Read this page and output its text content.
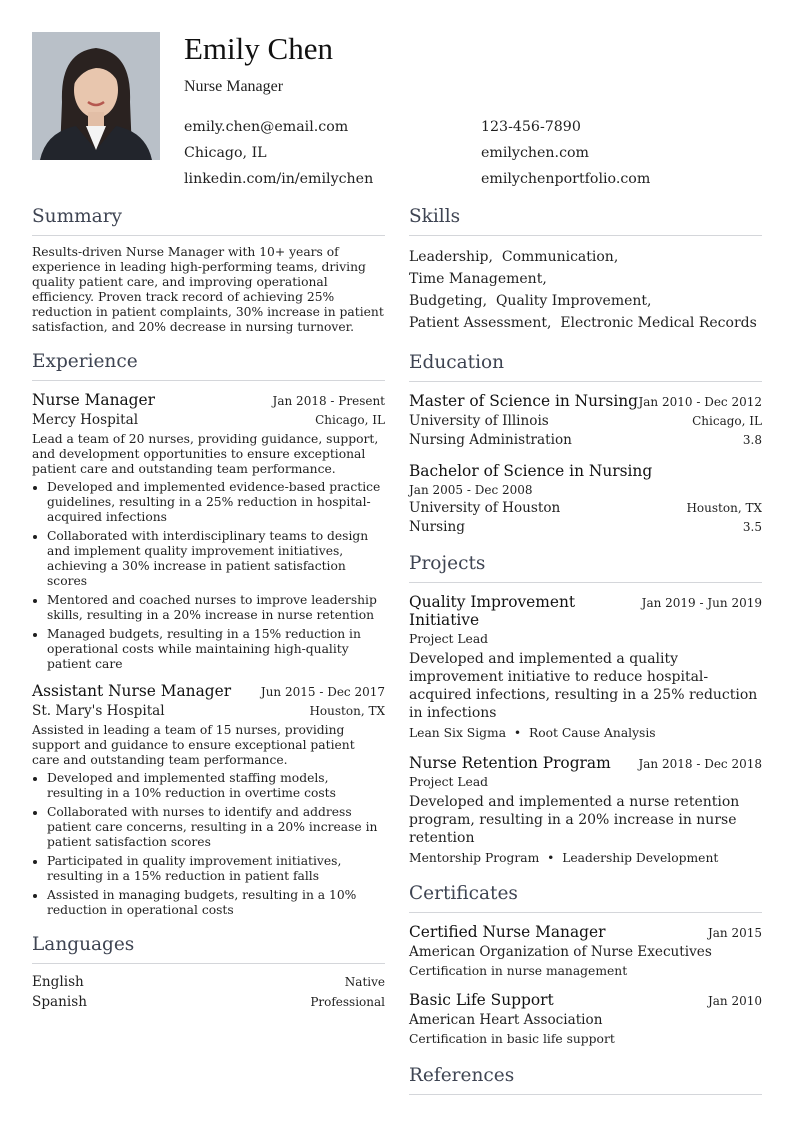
Emily Chen
Nurse Manager
emily.chen@email.com
Chicago, IL
linkedin.com/in/emilychen
123-456-7890
emilychen.com
emilychenportfolio.com
Summary
Results-driven Nurse Manager with 10+ years of experience in leading high-performing teams, driving quality patient care, and improving operational efficiency. Proven track record of achieving 25% reduction in patient complaints, 30% increase in patient satisfaction, and 20% decrease in nursing turnover.
Experience
Nurse Manager	Jan 2018 - Present
Mercy Hospital	Chicago, IL
Lead a team of 20 nurses, providing guidance, support, and development opportunities to ensure exceptional patient care and outstanding team performance.
• Developed and implemented evidence-based practice guidelines, resulting in a 25% reduction in hospital-acquired infections
• Collaborated with interdisciplinary teams to design and implement quality improvement initiatives, achieving a 30% increase in patient satisfaction scores
• Mentored and coached nurses to improve leadership skills, resulting in a 20% increase in nurse retention
• Managed budgets, resulting in a 15% reduction in operational costs while maintaining high-quality patient care
Assistant Nurse Manager Jun 2015 - Dec 2017
St. Mary's Hospital	Houston, TX
Assisted in leading a team of 15 nurses, providing support and guidance to ensure exceptional patient care and outstanding team performance.
• Developed and implemented staffing models, resulting in a 10% reduction in overtime costs
• Collaborated with nurses to identify and address patient care concerns, resulting in a 20% increase in patient satisfaction scores
• Participated in quality improvement initiatives, resulting in a 15% reduction in patient falls
• Assisted in managing budgets, resulting in a 10% reduction in operational costs
Languages
English	Native
Spanish	Professional
Skills
Leadership, Communication,  Time Management,
Budgeting, Quality Improvement,
Patient Assessment, Electronic Medical Records
Education
Master of Science in Nursing Jan 2010 - Dec 2012
University of Illinois	Chicago, IL
Nursing Administration	3.8
Bachelor of Science in Nursing
Jan 2005 - Dec 2008
University of Houston	Houston, TX
Nursing	3.5
Projects
Quality Improvement Initiative
Jan 2019 - Jun 2019
Project Lead
Developed and implemented a quality improvement initiative to reduce hospital-acquired infections, resulting in a 25% reduction in infections
Lean Six Sigma • Root Cause Analysis
Nurse Retention Program Jan 2018 - Dec 2018
Project Lead
Developed and implemented a nurse retention program, resulting in a 20% increase in nurse retention
Mentorship Program • Leadership Development
Certificates
Certified Nurse Manager	Jan 2015
American Organization of Nurse Executives
Certification in nurse management
Basic Life Support	Jan 2010
American Heart Association
Certification in basic life support
References
